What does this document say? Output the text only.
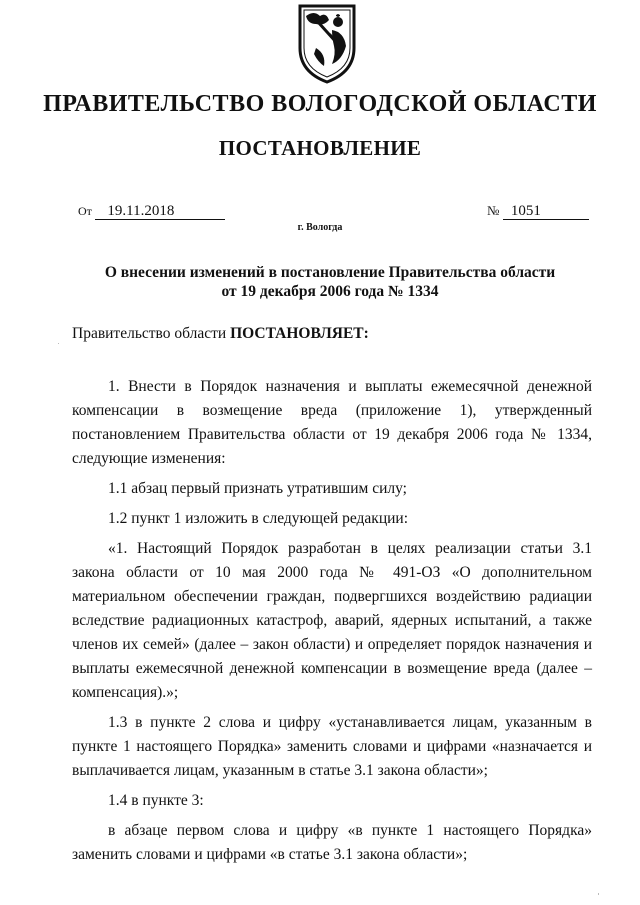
ПРАВИТЕЛЬСТВО ВОЛОГОДСКОЙ ОБЛАСТИ
ПОСТАНОВЛЕНИЕ
От 19.11.2018	№ 1051
г. Вологда
О внесении изменений в постановление Правительства области
от 19 декабря 2006 года № 1334
Правительство области ПОСТАНОВЛЯЕТ:

1. Внести в Порядок назначения и выплаты ежемесячной денежной компенсации в возмещение вреда (приложение 1), утвержденный постановлением Правительства области от 19 декабря 2006 года № 1334, следующие изменения:

1.1 абзац первый признать утратившим силу;

1.2 пункт 1 изложить в следующей редакции:

«1. Настоящий Порядок разработан в целях реализации статьи 3.1 закона области от 10 мая 2000 года № 491-ОЗ «О дополнительном материальном обеспечении граждан, подвергшихся воздействию радиации вследствие радиационных катастроф, аварий, ядерных испытаний, а также членов их семей» (далее – закон области) и определяет порядок назначения и выплаты ежемесячной денежной компенсации в возмещение вреда (далее – компенсация).»;

1.3 в пункте 2 слова и цифру «устанавливается лицам, указанным в пункте 1 настоящего Порядка» заменить словами и цифрами «назначается и выплачивается лицам, указанным в статье 3.1 закона области»;

1.4 в пункте 3:

в абзаце первом слова и цифру «в пункте 1 настоящего Порядка» заменить словами и цифрами «в статье 3.1 закона области»;
